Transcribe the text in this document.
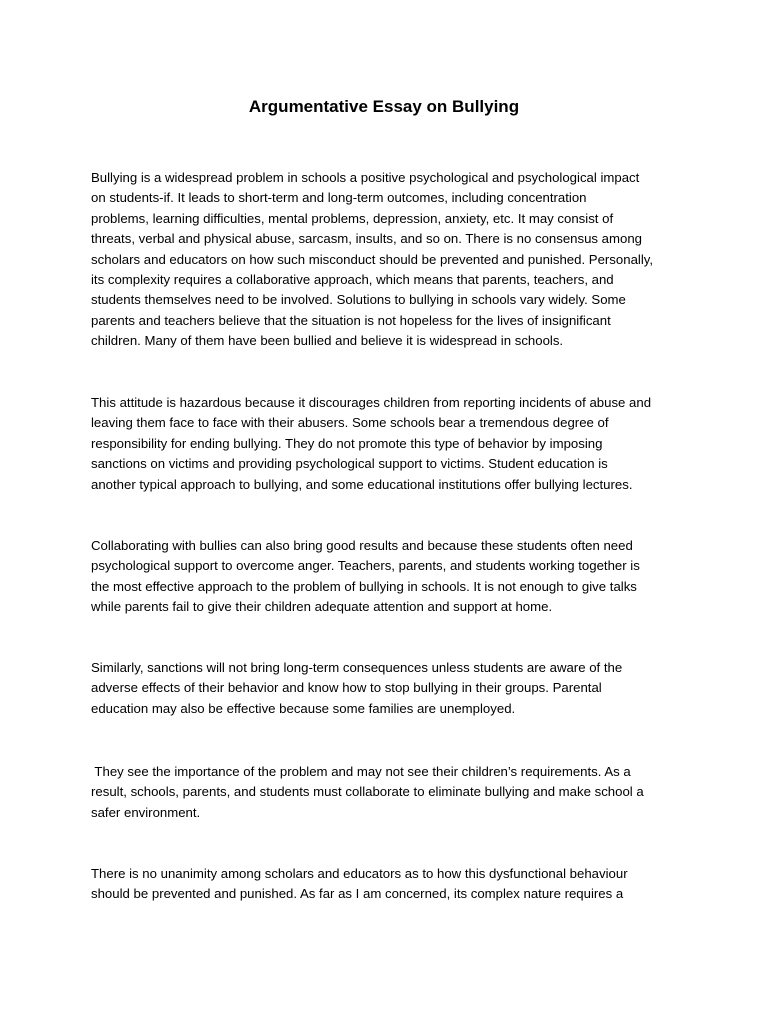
Argumentative Essay on Bullying

Bullying is a widespread problem in schools a positive psychological and psychological impact
on students-if. It leads to short-term and long-term outcomes, including concentration
problems, learning difficulties, mental problems, depression, anxiety, etc. It may consist of
threats, verbal and physical abuse, sarcasm, insults, and so on. There is no consensus among
scholars and educators on how such misconduct should be prevented and punished. Personally,
its complexity requires a collaborative approach, which means that parents, teachers, and
students themselves need to be involved. Solutions to bullying in schools vary widely. Some
parents and teachers believe that the situation is not hopeless for the lives of insignificant
children. Many of them have been bullied and believe it is widespread in schools.

This attitude is hazardous because it discourages children from reporting incidents of abuse and
leaving them face to face with their abusers. Some schools bear a tremendous degree of
responsibility for ending bullying. They do not promote this type of behavior by imposing
sanctions on victims and providing psychological support to victims. Student education is
another typical approach to bullying, and some educational institutions offer bullying lectures.

Collaborating with bullies can also bring good results and because these students often need
psychological support to overcome anger. Teachers, parents, and students working together is
the most effective approach to the problem of bullying in schools. It is not enough to give talks
while parents fail to give their children adequate attention and support at home.

Similarly, sanctions will not bring long-term consequences unless students are aware of the
adverse effects of their behavior and know how to stop bullying in their groups. Parental
education may also be effective because some families are unemployed.

They see the importance of the problem and may not see their children’s requirements. As a
result, schools, parents, and students must collaborate to eliminate bullying and make school a
safer environment.

There is no unanimity among scholars and educators as to how this dysfunctional behaviour
should be prevented and punished. As far as I am concerned, its complex nature requires a
